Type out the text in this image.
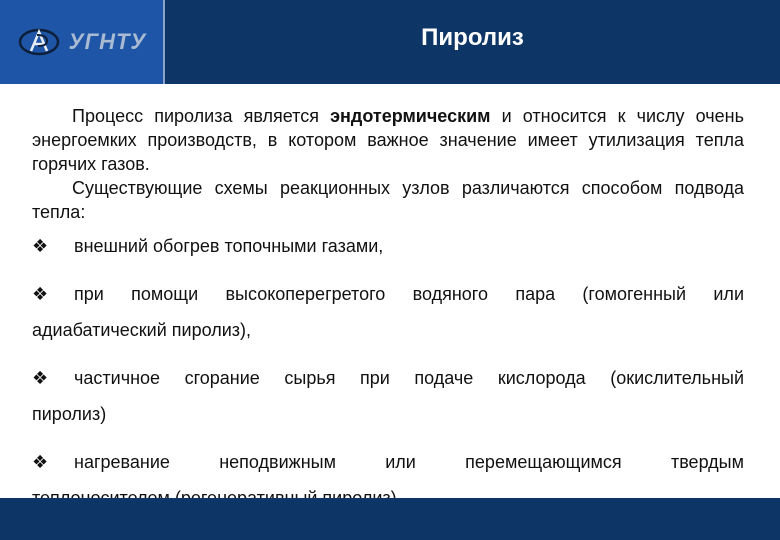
УГНТУ	Пиролиз

Процесс пиролиза является эндотермическим и относится к числу очень энергоемких производств, в котором важное значение имеет утилизация тепла горячих газов.

Существующие схемы реакционных узлов различаются способом подвода тепла:

❖	внешний обогрев топочными газами,
❖	при помощи высокоперегретого водяного пара (гомогенный или
адиабатический пиролиз),
❖	частичное сгорание сырья при подаче кислорода (окислительный
пиролиз)
❖	нагревание	неподвижным	или	перемещающимся	твердым
